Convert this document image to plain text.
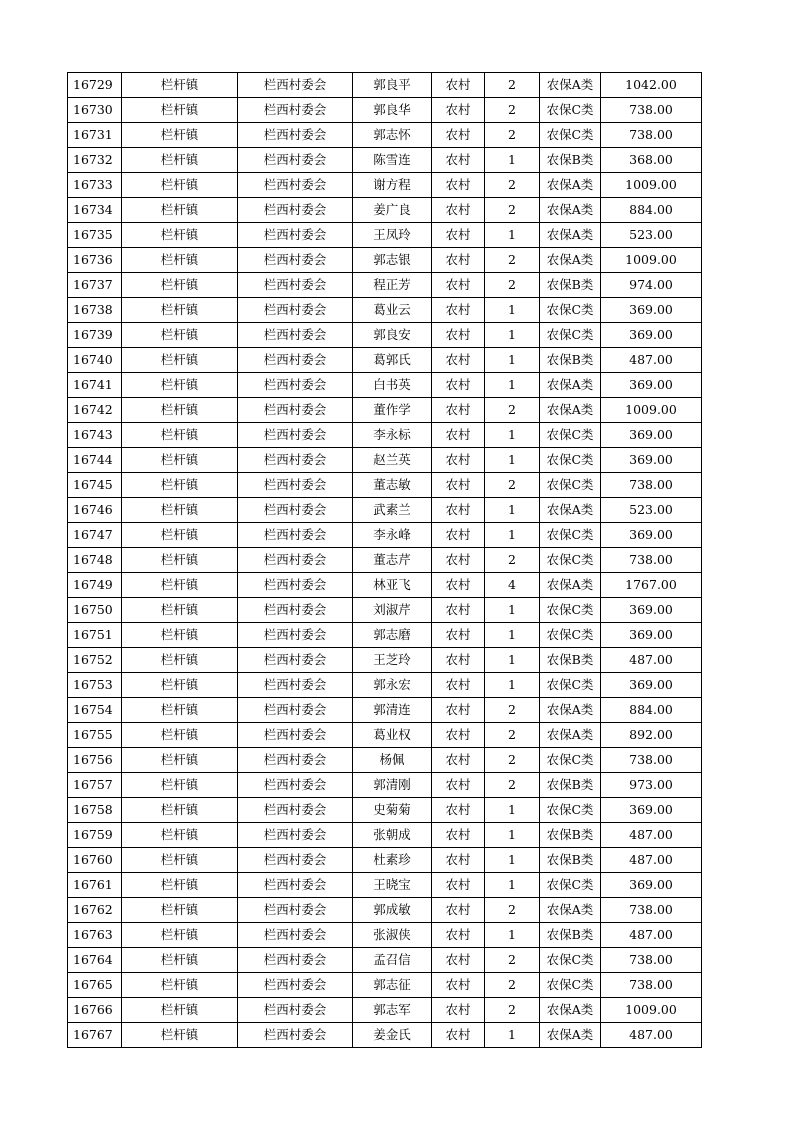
16729	栏杆镇	栏西村委会	郭良平	农村	2	农保A类	1042.00
16730	栏杆镇	栏西村委会	郭良华	农村	2	农保C类	738.00
16731	栏杆镇	栏西村委会	郭志怀	农村	2	农保C类	738.00
16732	栏杆镇	栏西村委会	陈雪连	农村	1	农保B类	368.00
16733	栏杆镇	栏西村委会	谢方程	农村	2	农保A类	1009.00
16734	栏杆镇	栏西村委会	姜广良	农村	2	农保A类	884.00
16735	栏杆镇	栏西村委会	王凤玲	农村	1	农保A类	523.00
16736	栏杆镇	栏西村委会	郭志银	农村	2	农保A类	1009.00
16737	栏杆镇	栏西村委会	程正芳	农村	2	农保B类	974.00
16738	栏杆镇	栏西村委会	葛业云	农村	1	农保C类	369.00
16739	栏杆镇	栏西村委会	郭良安	农村	1	农保C类	369.00
16740	栏杆镇	栏西村委会	葛郭氏	农村	1	农保B类	487.00
16741	栏杆镇	栏西村委会	白书英	农村	1	农保A类	369.00
16742	栏杆镇	栏西村委会	董作学	农村	2	农保A类	1009.00
16743	栏杆镇	栏西村委会	李永标	农村	1	农保C类	369.00
16744	栏杆镇	栏西村委会	赵兰英	农村	1	农保C类	369.00
16745	栏杆镇	栏西村委会	董志敏	农村	2	农保C类	738.00
16746	栏杆镇	栏西村委会	武素兰	农村	1	农保A类	523.00
16747	栏杆镇	栏西村委会	李永峰	农村	1	农保C类	369.00
16748	栏杆镇	栏西村委会	董志芹	农村	2	农保C类	738.00
16749	栏杆镇	栏西村委会	林亚飞	农村	4	农保A类	1767.00
16750	栏杆镇	栏西村委会	刘淑芹	农村	1	农保C类	369.00
16751	栏杆镇	栏西村委会	郭志磨	农村	1	农保C类	369.00
16752	栏杆镇	栏西村委会	王芝玲	农村	1	农保B类	487.00
16753	栏杆镇	栏西村委会	郭永宏	农村	1	农保C类	369.00
16754	栏杆镇	栏西村委会	郭清连	农村	2	农保A类	884.00
16755	栏杆镇	栏西村委会	葛业权	农村	2	农保A类	892.00
16756	栏杆镇	栏西村委会	杨佩	农村	2	农保C类	738.00
16757	栏杆镇	栏西村委会	郭清刚	农村	2	农保B类	973.00
16758	栏杆镇	栏西村委会	史菊菊	农村	1	农保C类	369.00
16759	栏杆镇	栏西村委会	张朝成	农村	1	农保B类	487.00
16760	栏杆镇	栏西村委会	杜素珍	农村	1	农保B类	487.00
16761	栏杆镇	栏西村委会	王晓宝	农村	1	农保C类	369.00
16762	栏杆镇	栏西村委会	郭成敏	农村	2	农保A类	738.00
16763	栏杆镇	栏西村委会	张淑侠	农村	1	农保B类	487.00
16764	栏杆镇	栏西村委会	孟召信	农村	2	农保C类	738.00
16765	栏杆镇	栏西村委会	郭志征	农村	2	农保C类	738.00
16766	栏杆镇	栏西村委会	郭志军	农村	2	农保A类	1009.00
16767	栏杆镇	栏西村委会	姜金氏	农村	1	农保A类	487.00
